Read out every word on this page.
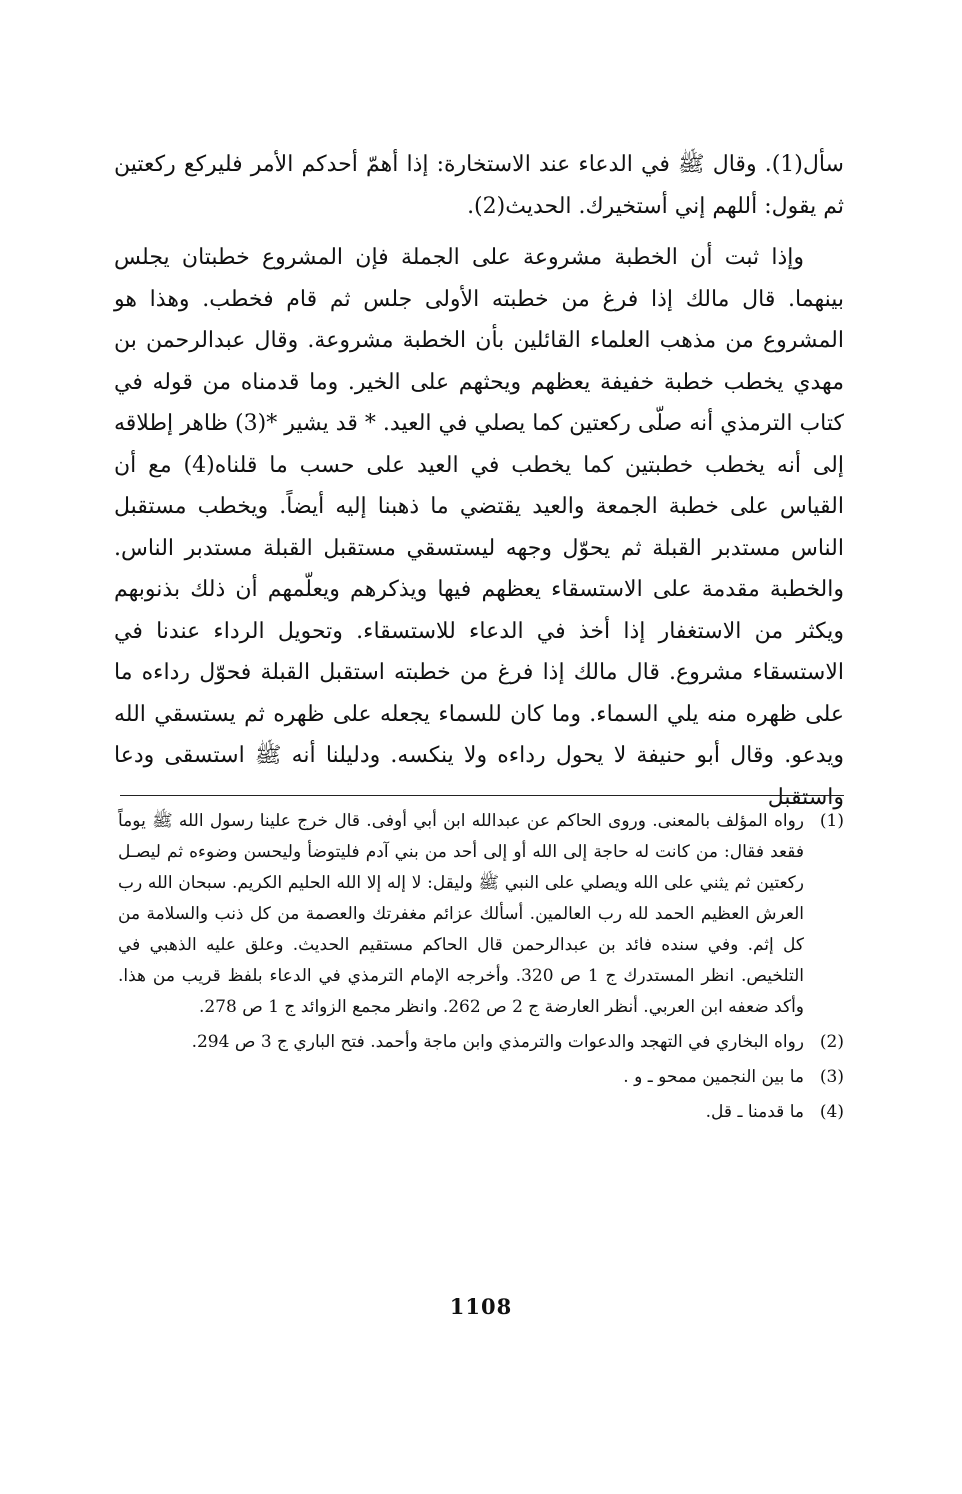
سأل(1). وقال ﷺ في الدعاء عند الاستخارة: إذا أهمّ أحدكم الأمر فليركع ركعتين ثم يقول: أللهم إني أستخيرك. الحديث(2).

وإذا ثبت أن الخطبة مشروعة على الجملة فإن المشروع خطبتان يجلس بينهما. قال مالك إذا فرغ من خطبته الأولى جلس ثم قام فخطب. وهذا هو المشروع من مذهب العلماء القائلين بأن الخطبة مشروعة. وقال عبدالرحمن بن مهدي يخطب خطبة خفيفة يعظهم ويحثهم على الخير. وما قدمناه من قوله في كتاب الترمذي أنه صلّى ركعتين كما يصلي في العيد. * قد يشير *(3) ظاهر إطلاقه إلى أنه يخطب خطبتين كما يخطب في العيد على حسب ما قلناه(4) مع أن القياس على خطبة الجمعة والعيد يقتضي ما ذهبنا إليه أيضاً. ويخطب مستقبل الناس مستدبر القبلة ثم يحوّل وجهه ليستسقي مستقبل القبلة مستدبر الناس. والخطبة مقدمة على الاستسقاء يعظهم فيها ويذكرهم ويعلّمهم أن ذلك بذنوبهم ويكثر من الاستغفار إذا أخذ في الدعاء للاستسقاء. وتحويل الرداء عندنا في الاستسقاء مشروع. قال مالك إذا فرغ من خطبته استقبل القبلة فحوّل رداءه ما على ظهره منه يلي السماء. وما كان للسماء يجعله على ظهره ثم يستسقي الله ويدعو. وقال أبو حنيفة لا يحول رداءه ولا ينكسه. ودليلنا أنه ﷺ استسقى ودعا واستقبل

(1)
رواه المؤلف بالمعنى. وروى الحاكم عن عبدالله ابن أبي أوفى. قال خرج علينا رسول الله ﷺ يوماً فقعد فقال: من كانت له حاجة إلى الله أو إلى أحد من بني آدم فليتوضأ وليحسن وضوءه ثم ليصـل ركعتين ثم يثني على الله ويصلي على النبي ﷺ وليقل: لا إله إلا الله الحليم الكريم. سبحان الله رب العرش العظيم الحمد لله رب العالمين. أسألك عزائم مغفرتك والعصمة من كل ذنب والسلامة من كل إثم. وفي سنده فائد بن عبدالرحمن قال الحاكم مستقيم الحديث. وعلق عليه الذهبي في التلخيص. انظر المستدرك ج 1 ص 320. وأخرجه الإمام الترمذي في الدعاء بلفظ قريب من هذا. وأكد ضعفه ابن العربي. أنظر العارضة ج 2 ص 262. وانظر مجمع الزوائد ج 1 ص 278.
(2)
رواه البخاري في التهجد والدعوات والترمذي وابن ماجة وأحمد. فتح الباري ج 3 ص 294.
(3)
ما بين النجمين ممحو ـ و .
(4)
ما قدمنا ـ قل.
1108
